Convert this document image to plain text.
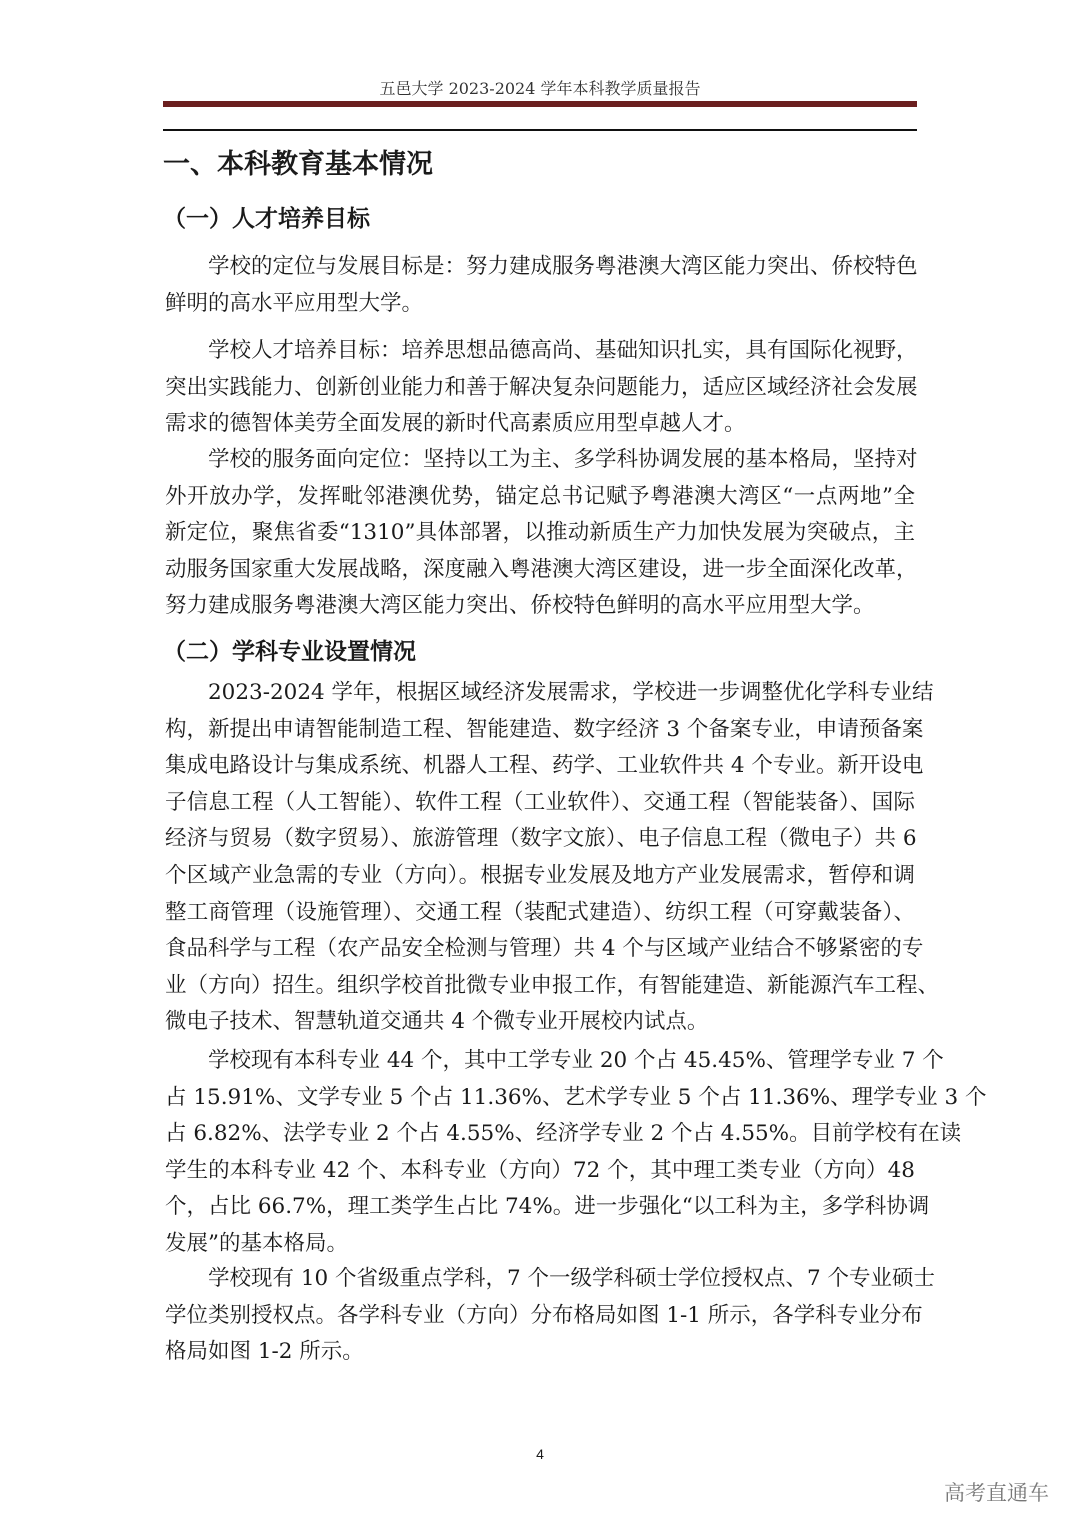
五邑大学 2023-2024 学年本科教学质量报告
一、本科教育基本情况
（一）人才培养目标
学校的定位与发展目标是：努力建成服务粤港澳大湾区能力突出、侨校特色
鲜明的高水平应用型大学。
学校人才培养目标：培养思想品德高尚、基础知识扎实，具有国际化视野，
突出实践能力、创新创业能力和善于解决复杂问题能力，适应区域经济社会发展
需求的德智体美劳全面发展的新时代高素质应用型卓越人才。
学校的服务面向定位：坚持以工为主、多学科协调发展的基本格局，坚持对
外开放办学，发挥毗邻港澳优势，锚定总书记赋予粤港澳大湾区“一点两地”全
新定位，聚焦省委“1310”具体部署，以推动新质生产力加快发展为突破点，主
动服务国家重大发展战略，深度融入粤港澳大湾区建设，进一步全面深化改革，
努力建成服务粤港澳大湾区能力突出、侨校特色鲜明的高水平应用型大学。
（二）学科专业设置情况
2023-2024 学年，根据区域经济发展需求，学校进一步调整优化学科专业结
构，新提出申请智能制造工程、智能建造、数字经济 3 个备案专业，申请预备案
集成电路设计与集成系统、机器人工程、药学、工业软件共 4 个专业。新开设电
子信息工程（人工智能）、软件工程（工业软件）、交通工程（智能装备）、国际
经济与贸易（数字贸易）、旅游管理（数字文旅）、电子信息工程（微电子）共 6
个区域产业急需的专业（方向）。根据专业发展及地方产业发展需求，暂停和调
整工商管理（设施管理）、交通工程（装配式建造）、纺织工程（可穿戴装备）、
食品科学与工程（农产品安全检测与管理）共 4 个与区域产业结合不够紧密的专
业（方向）招生。组织学校首批微专业申报工作，有智能建造、新能源汽车工程、
微电子技术、智慧轨道交通共 4 个微专业开展校内试点。
学校现有本科专业 44 个，其中工学专业 20 个占 45.45%、管理学专业 7 个
占 15.91%、文学专业 5 个占 11.36%、艺术学专业 5 个占 11.36%、理学专业 3 个
占 6.82%、法学专业 2 个占 4.55%、经济学专业 2 个占 4.55%。目前学校有在读
学生的本科专业 42 个、本科专业（方向）72 个，其中理工类专业（方向）48
个，占比 66.7%，理工类学生占比 74%。进一步强化“以工科为主，多学科协调
发展”的基本格局。
学校现有 10 个省级重点学科，7 个一级学科硕士学位授权点、7 个专业硕士
学位类别授权点。各学科专业（方向）分布格局如图 1-1 所示，各学科专业分布
格局如图 1-2 所示。
4
高考直通车
